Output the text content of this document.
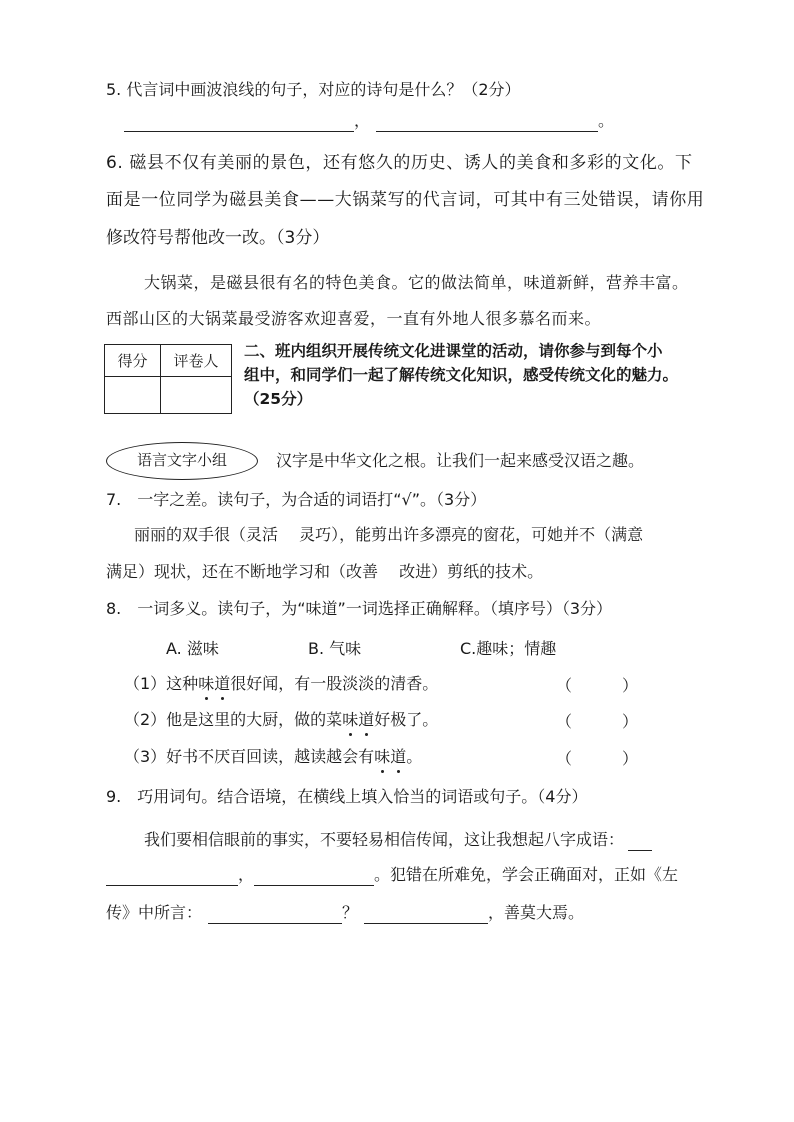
5. 代言词中画波浪线的句子，对应的诗句是什么？（2分）
，	。
6. 磁县不仅有美丽的景色，还有悠久的历史、诱人的美食和多彩的文化。下
面是一位同学为磁县美食——大锅菜写的代言词，可其中有三处错误，请你用
修改符号帮他改一改。（3分）
大锅菜，是磁县很有名的特色美食。它的做法简单，味道新鲜，营养丰富。
西部山区的大锅菜最受游客欢迎喜爱，一直有外地人很多慕名而来。
得分	评卷人

二、班内组织开展传统文化进课堂的活动，请你参与到每个小
组中，和同学们一起了解传统文化知识，感受传统文化的魅力。
（25分）
语言文字小组	汉字是中华文化之根。让我们一起来感受汉语之趣。
7.　一字之差。读句子，为合适的词语打“√”。（3分）
丽丽的双手很（灵活　 灵巧），能剪出许多漂亮的窗花，可她并不（满意
满足）现状，还在不断地学习和（改善　 改进）剪纸的技术。
8.　一词多义。读句子，为“味道”一词选择正确解释。（填序号）（3分）
A. 滋味	B. 气味	C.趣味；情趣
（1）这种味道很好闻，有一股淡淡的清香。	（	）
（2）他是这里的大厨，做的菜味道好极了。	（	）
（3）好书不厌百回读，越读越会有味道。	（	）
9.　巧用词句。结合语境，在横线上填入恰当的词语或句子。（4分）
我们要相信眼前的事实，不要轻易相信传闻，这让我想起八字成语：
，	。犯错在所难免，学会正确面对，正如《左
传》中所言：	？	，善莫大焉。
